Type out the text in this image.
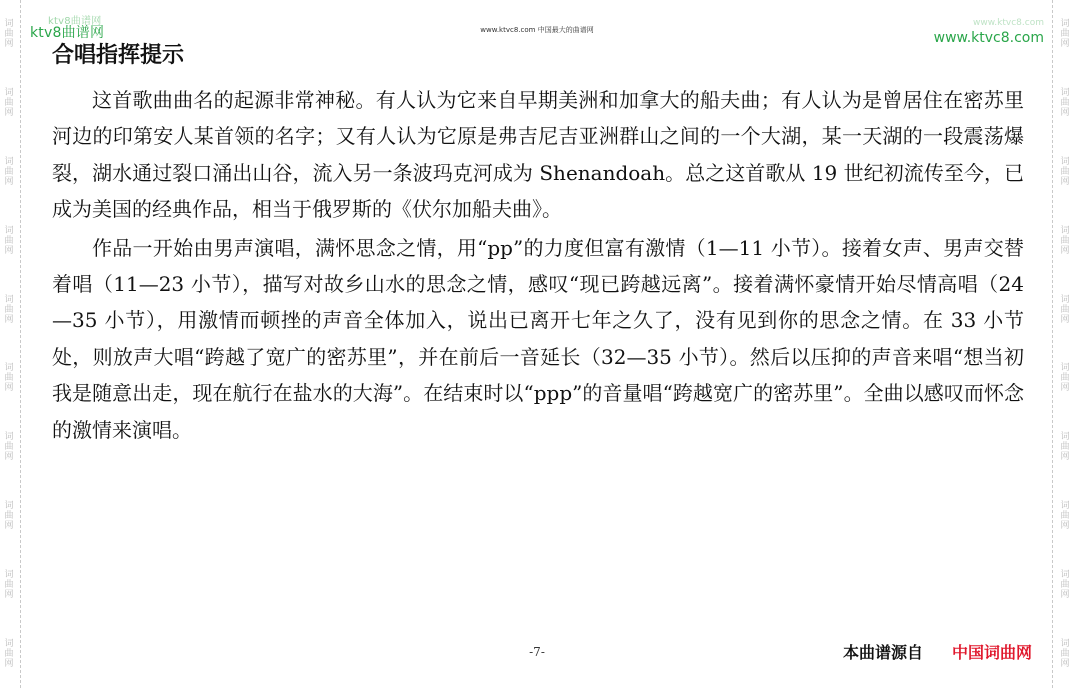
词
曲
网
词
曲
网
词
曲
网
词
曲
网
词
曲
网
词
曲
网
词
曲
网
词
曲
网
词
曲
网
词
曲
网
词
曲
网
词
曲
网
词
曲
网
词
曲
网
词
曲
网
词
曲
网
词
曲
网
词
曲
网
词
曲
网
词
曲
网
ktv8曲谱网
ktv8曲谱网	www.ktvc8.com 中国最大的曲谱网
www.ktvc8.com
www.ktvc8.com
合唱指挥提示

这首歌曲曲名的起源非常神秘。有人认为它来自早期美洲和加拿大的船夫曲；有人认为是曾居住在密苏里河边的印第安人某首领的名字；又有人认为它原是弗吉尼吉亚洲群山之间的一个大湖，某一天湖的一段震荡爆裂，湖水通过裂口涌出山谷，流入另一条波玛克河成为 Shenandoah。总之这首歌从 19 世纪初流传至今，已成为美国的经典作品，相当于俄罗斯的《伏尔加船夫曲》。

作品一开始由男声演唱，满怀思念之情，用“pp”的力度但富有激情（1—11 小节）。接着女声、男声交替着唱（11—23 小节），描写对故乡山水的思念之情，感叹“现已跨越远离”。接着满怀豪情开始尽情高唱（24—35 小节），用激情而顿挫的声音全体加入，说出已离开七年之久了，没有见到你的思念之情。在 33 小节处，则放声大唱“跨越了宽广的密苏里”，并在前后一音延长（32—35 小节）。然后以压抑的声音来唱“想当初我是随意出走，现在航行在盐水的大海”。在结束时以“ppp”的音量唱“跨越宽广的密苏里”。全曲以感叹而怀念的激情来演唱。

-7-	本曲谱源自 中国词曲网
